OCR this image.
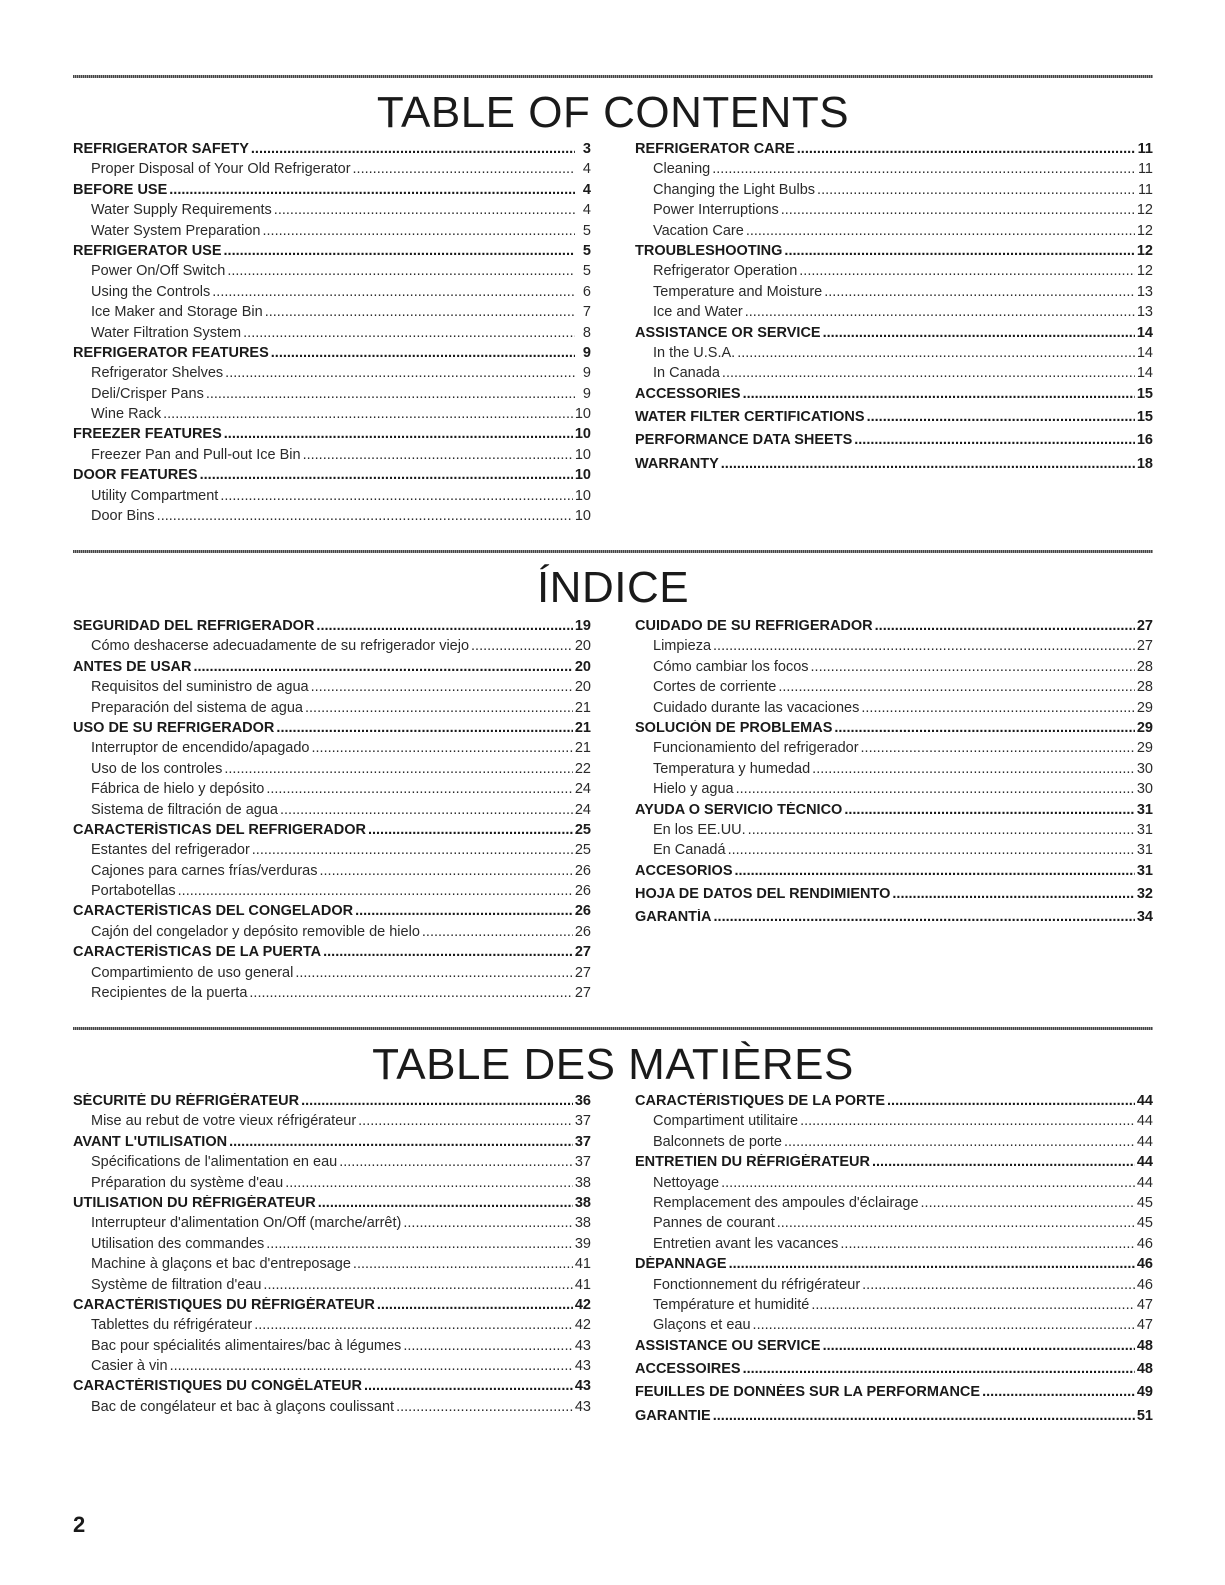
TABLE OF CONTENTS
REFRIGERATOR SAFETY .....	3
Proper Disposal of Your Old Refrigerator .....	4
BEFORE USE .....	4
Water Supply Requirements .....	4
Water System Preparation .....	5
REFRIGERATOR USE .....	5
Power On/Off Switch .....	5
Using the Controls .....	6
Ice Maker and Storage Bin .....	7
Water Filtration System .....	8
REFRIGERATOR FEATURES .....	9
Refrigerator Shelves .....	9
Deli/Crisper Pans .....	9
Wine Rack .....	10
FREEZER FEATURES .....	10
Freezer Pan and Pull-out Ice Bin .....	10
DOOR FEATURES .....	10
Utility Compartment .....	10
Door Bins .....	10
REFRIGERATOR CARE .....	11
Cleaning .....	11
Changing the Light Bulbs .....	11
Power Interruptions .....	12
Vacation Care .....	12
TROUBLESHOOTING .....	12
Refrigerator Operation .....	12
Temperature and Moisture .....	13
Ice and Water .....	13
ASSISTANCE OR SERVICE .....	14
In the U.S.A. .....	14
In Canada .....	14
ACCESSORIES .....	15
WATER FILTER CERTIFICATIONS .....	15
PERFORMANCE DATA SHEETS .....	16
WARRANTY .....	18
ÍNDICE
SEGURIDAD DEL REFRIGERADOR .....	19
Cómo deshacerse adecuadamente de su refrigerador viejo .....	20
ANTES DE USAR .....	20
Requisitos del suministro de agua .....	20
Preparación del sistema de agua .....	21
USO DE SU REFRIGERADOR .....	21
Interruptor de encendido/apagado .....	21
Uso de los controles .....	22
Fábrica de hielo y depósito .....	24
Sistema de filtración de agua .....	24
CARACTERÍSTICAS DEL REFRIGERADOR .....	25
Estantes del refrigerador .....	25
Cajones para carnes frías/verduras .....	26
Portabotellas .....	26
CARACTERÍSTICAS DEL CONGELADOR .....	26
Cajón del congelador y depósito removible de hielo .....	26
CARACTERÍSTICAS DE LA PUERTA .....	27
Compartimiento de uso general .....	27
Recipientes de la puerta .....	27
CUIDADO DE SU REFRIGERADOR .....	27
Limpieza .....	27
Cómo cambiar los focos .....	28
Cortes de corriente .....	28
Cuidado durante las vacaciones .....	29
SOLUCIÓN DE PROBLEMAS .....	29
Funcionamiento del refrigerador .....	29
Temperatura y humedad .....	30
Hielo y agua .....	30
AYUDA O SERVICIO TÉCNICO .....	31
En los EE.UU. .....	31
En Canadá .....	31
ACCESORIOS .....	31
HOJA DE DATOS DEL RENDIMIENTO .....	32
GARANTÍA .....	34
TABLE DES MATIÈRES
SÉCURITÉ DU RÉFRIGÉRATEUR .....	36
Mise au rebut de votre vieux réfrigérateur .....	37
AVANT L'UTILISATION .....	37
Spécifications de l'alimentation en eau .....	37
Préparation du système d'eau .....	38
UTILISATION DU RÉFRIGÉRATEUR .....	38
Interrupteur d'alimentation On/Off (marche/arrêt) .....	38
Utilisation des commandes .....	39
Machine à glaçons et bac d'entreposage .....	41
Système de filtration d'eau .....	41
CARACTÉRISTIQUES DU RÉFRIGÉRATEUR .....	42
Tablettes du réfrigérateur .....	42
Bac pour spécialités alimentaires/bac à légumes .....	43
Casier à vin .....	43
CARACTÉRISTIQUES DU CONGÉLATEUR .....	43
Bac de congélateur et bac à glaçons coulissant .....	43
CARACTÉRISTIQUES DE LA PORTE .....	44
Compartiment utilitaire .....	44
Balconnets de porte .....	44
ENTRETIEN DU RÉFRIGÉRATEUR .....	44
Nettoyage .....	44
Remplacement des ampoules d'éclairage .....	45
Pannes de courant .....	45
Entretien avant les vacances .....	46
DÉPANNAGE .....	46
Fonctionnement du réfrigérateur .....	46
Température et humidité .....	47
Glaçons et eau .....	47
ASSISTANCE OU SERVICE .....	48
ACCESSOIRES .....	48
FEUILLES DE DONNÉES SUR LA PERFORMANCE .....	49
GARANTIE .....	51
2
